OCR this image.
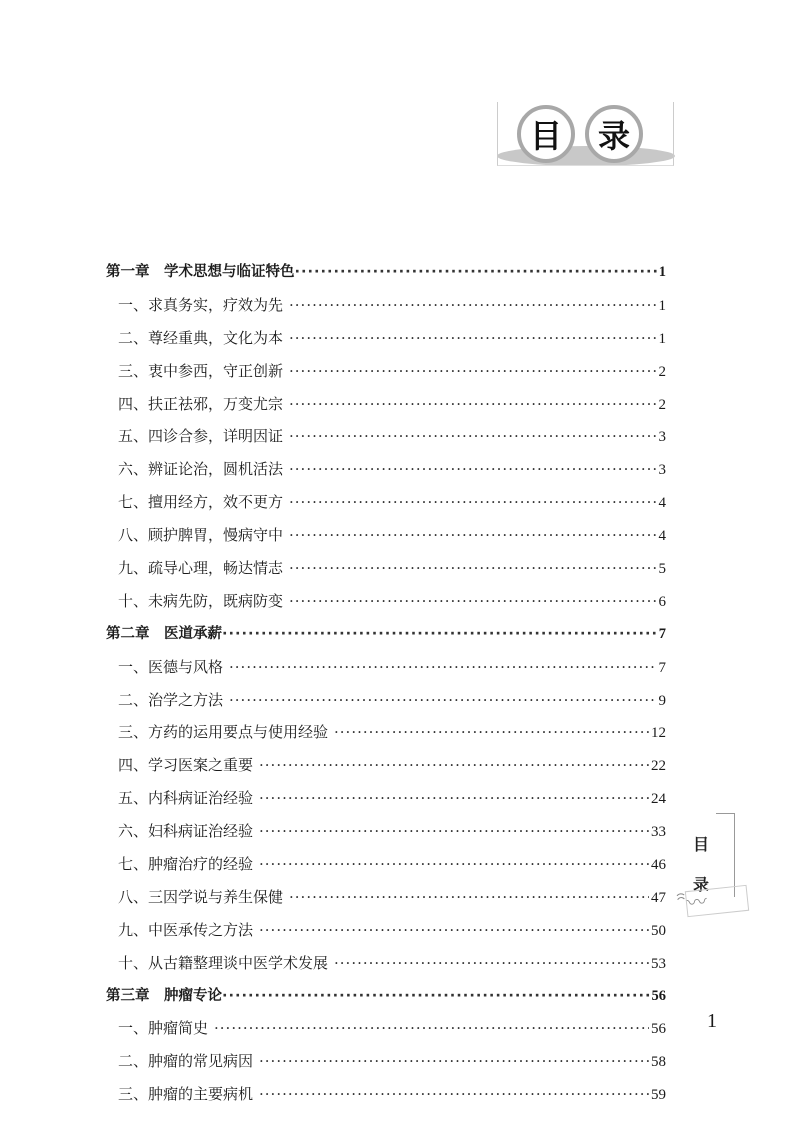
目	录
第一章　学术思想与临证特色 ·····	1
一、求真务实，疗效为先 ·····	1
二、尊经重典，文化为本 ·····	1
三、衷中参西，守正创新 ·····	2
四、扶正祛邪，万变尤宗 ·····	2
五、四诊合参，详明因证 ·····	3
六、辨证论治，圆机活法 ·····	3
七、擅用经方，效不更方 ·····	4
八、顾护脾胃，慢病守中 ·····	4
九、疏导心理，畅达情志 ·····	5
十、未病先防，既病防变 ·····	6
第二章　医道承薪 ·····	7
一、医德与风格 ·····	7
二、治学之方法 ·····	9
三、方药的运用要点与使用经验 ·····	12
四、学习医案之重要 ·····	22
五、内科病证治经验 ·····	24
六、妇科病证治经验 ·····	33
七、肿瘤治疗的经验 ·····	46
八、三因学说与养生保健 ·····	47
九、中医承传之方法 ·····	50
十、从古籍整理谈中医学术发展 ·····	53
第三章　肿瘤专论 ·····	56
一、肿瘤简史 ·····	56
二、肿瘤的常见病因 ·····	58
三、肿瘤的主要病机 ·····	59
目
录
ꩰ〰
1
